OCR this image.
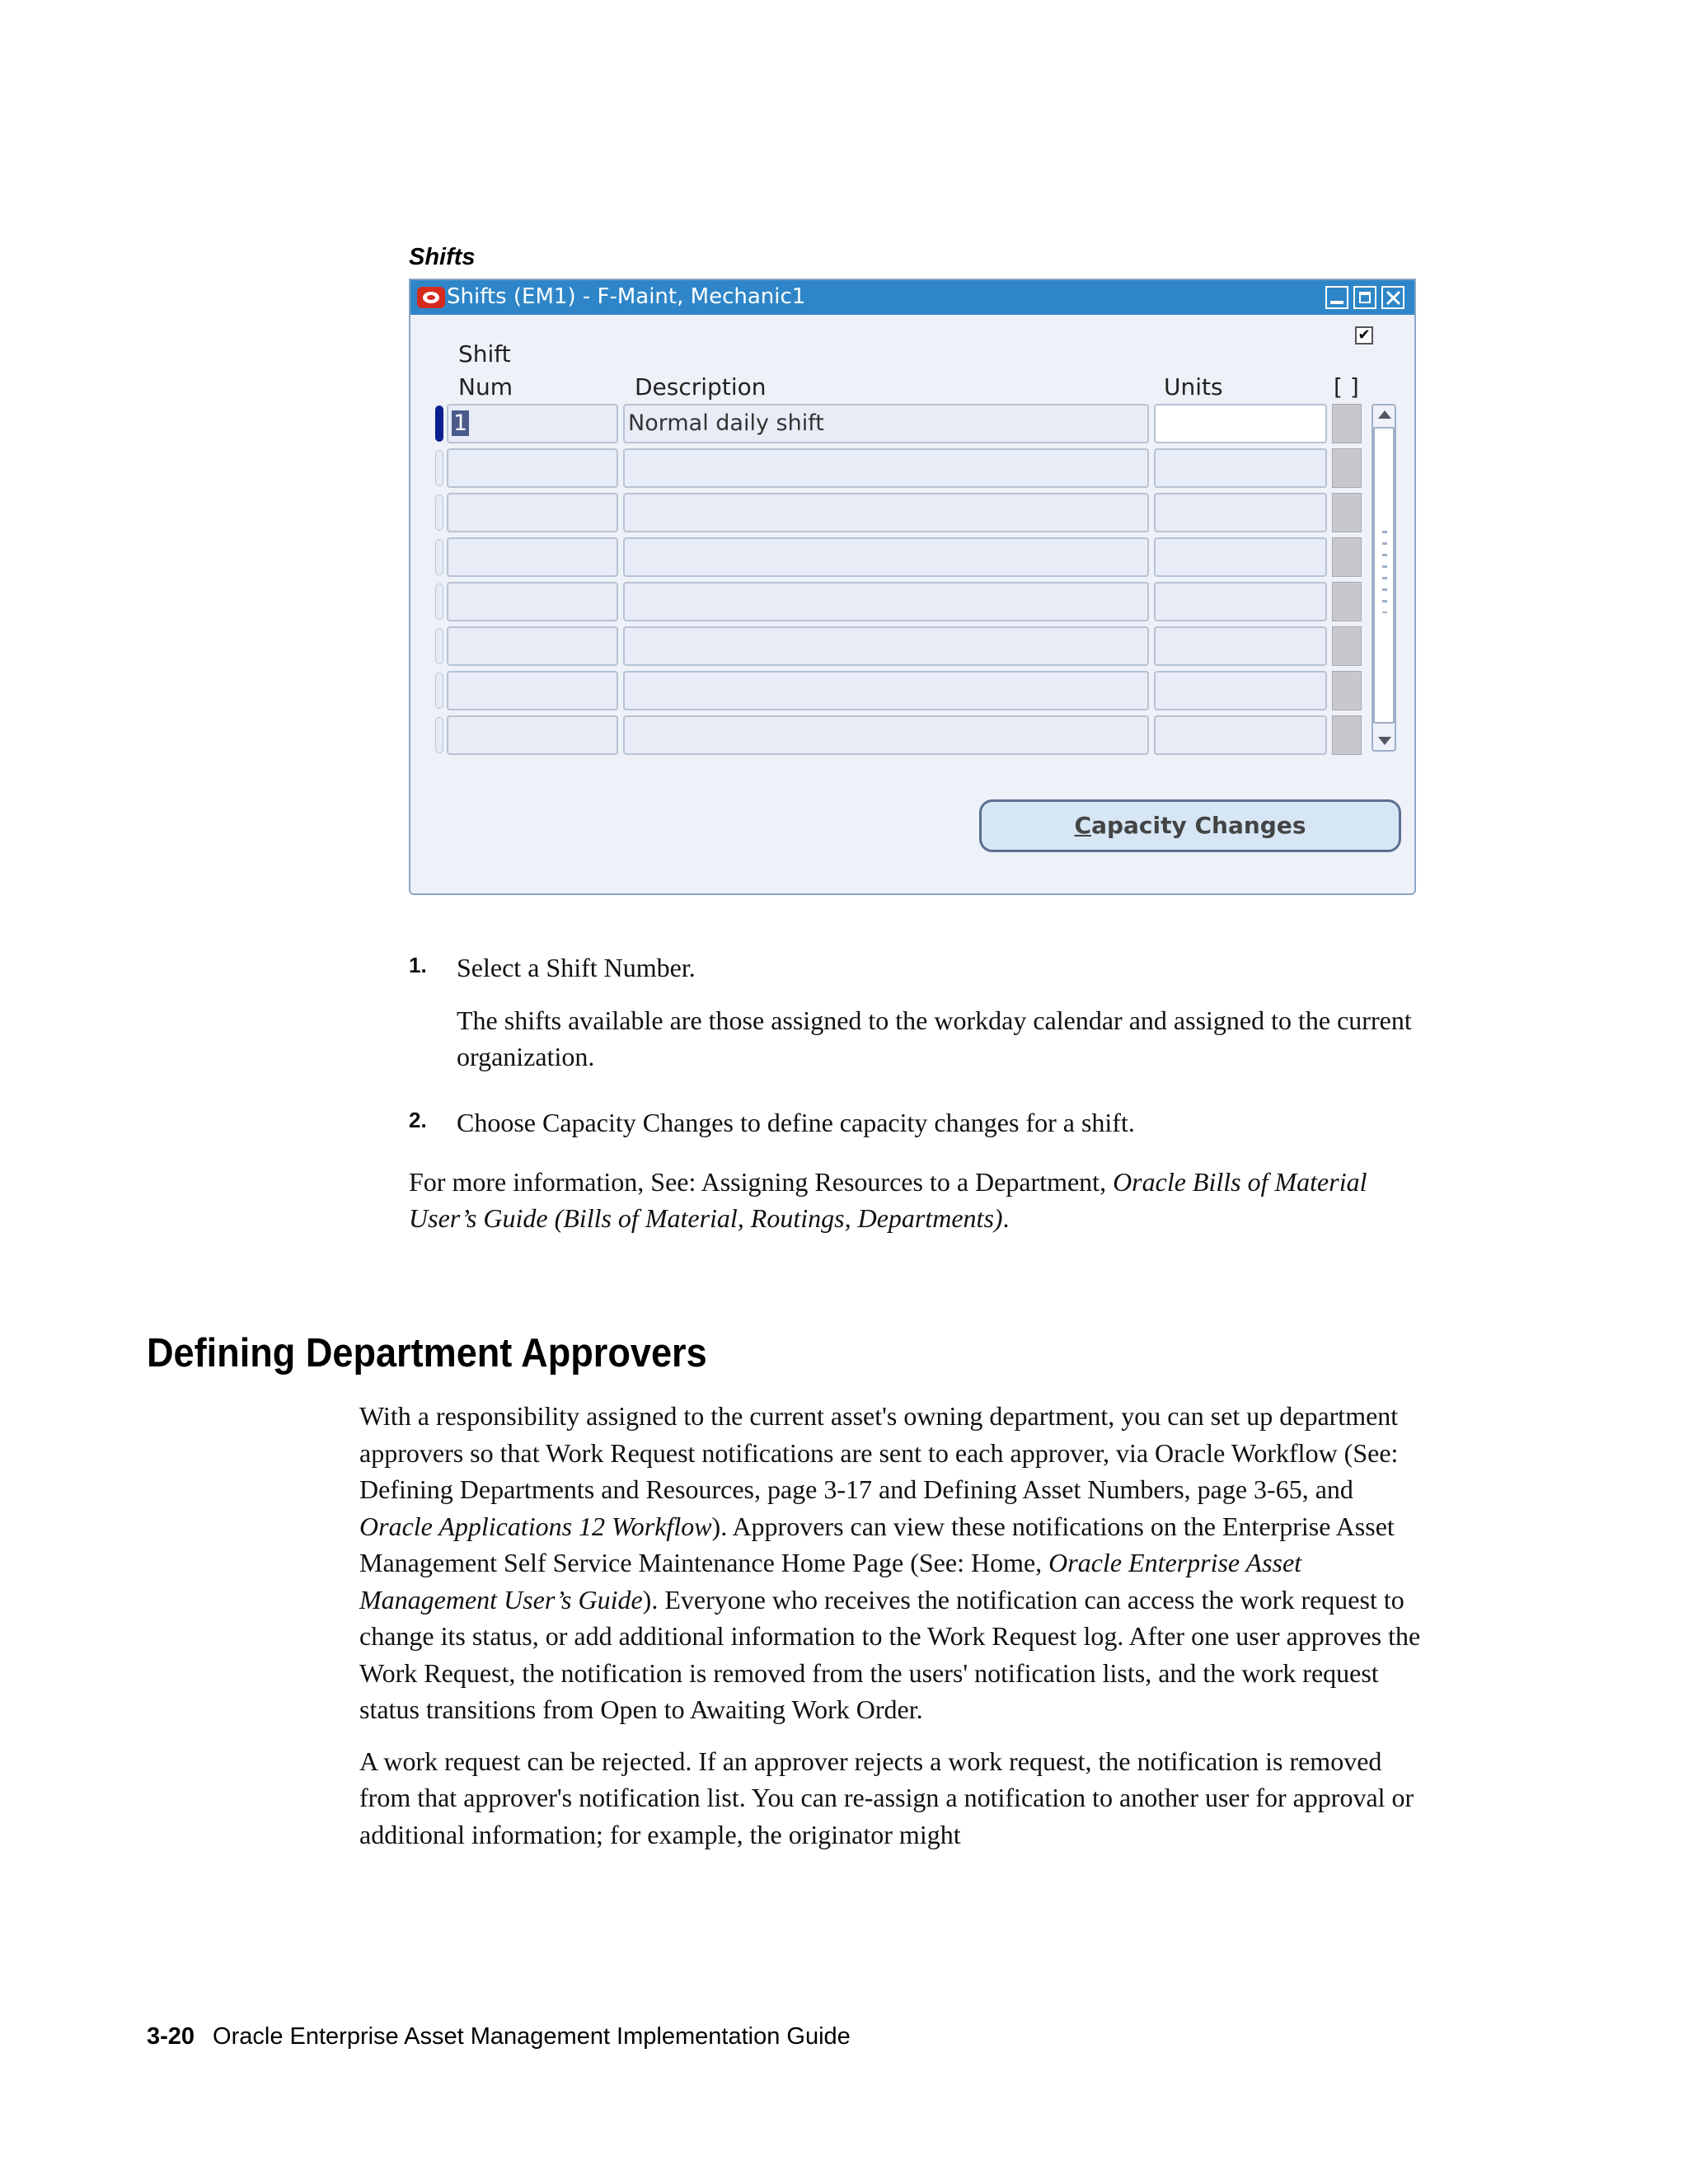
Shifts
Shifts (EM1) - F-Maint, Mechanic1
✔
Shift
Num	Description	Units	[ ]
1	Normal daily shift
Capacity Changes
1. Select a Shift Number.

The shifts available are those assigned to the workday calendar and assigned to the current organization.

2. Choose Capacity Changes to define capacity changes for a shift.

For more information, See: Assigning Resources to a Department, Oracle Bills of Material User’s Guide (Bills of Material, Routings, Departments).

Defining Department Approvers

With a responsibility assigned to the current asset's owning department, you can set up department approvers so that Work Request notifications are sent to each approver, via Oracle Workflow (See: Defining Departments and Resources, page 3-17 and Defining Asset Numbers, page 3-65, and Oracle Applications 12 Workflow). Approvers can view these notifications on the Enterprise Asset Management Self Service Maintenance Home Page (See: Home, Oracle Enterprise Asset Management User’s Guide). Everyone who receives the notification can access the work request to change its status, or add additional information to the Work Request log. After one user approves the Work Request, the notification is removed from the users' notification lists, and the work request status transitions from Open to Awaiting Work Order.

A work request can be rejected. If an approver rejects a work request, the notification is removed from that approver's notification list. You can re-assign a notification to another user for approval or additional information; for example, the originator might

3-20 Oracle Enterprise Asset Management Implementation Guide
